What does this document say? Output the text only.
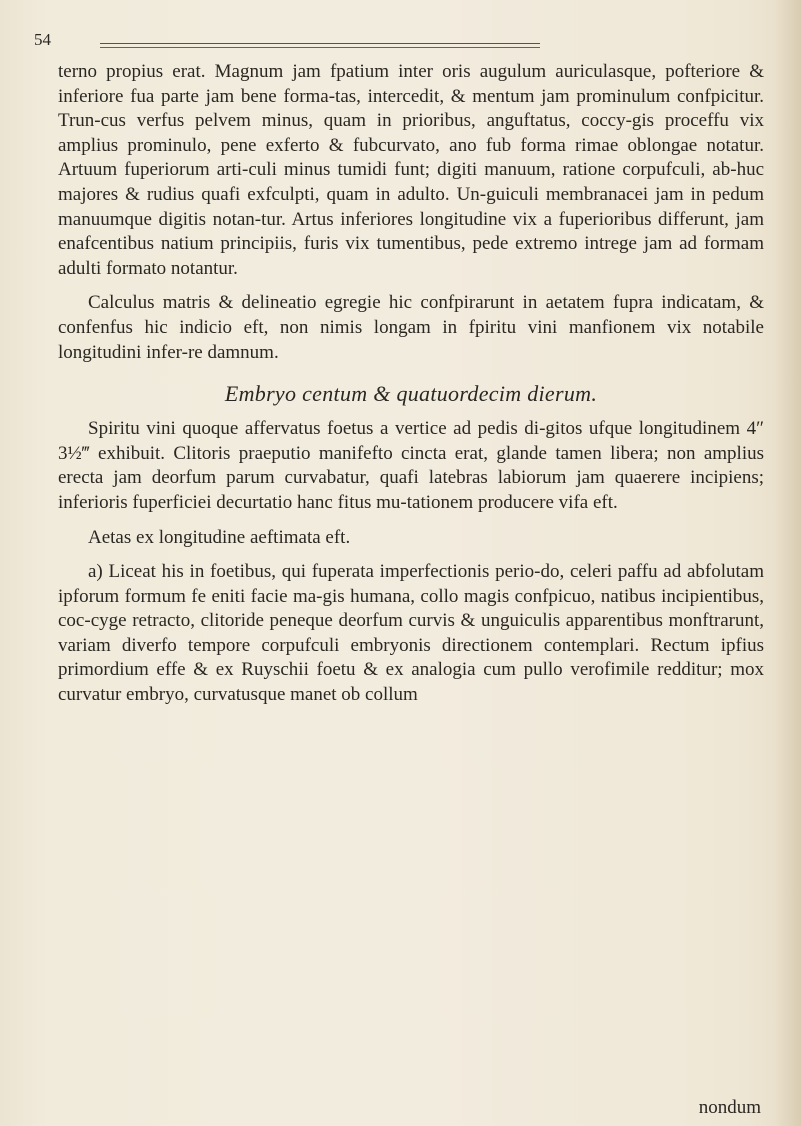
54

terno propius erat. Magnum jam fpatium inter oris augulum auriculasque, pofteriore & inferiore fua parte jam bene forma-tas, intercedit, & mentum jam prominulum confpicitur. Trun-cus verfus pelvem minus, quam in prioribus, anguftatus, coccy-gis proceffu vix amplius prominulo, pene exferto & fubcurvato, ano fub forma rimae oblongae notatur. Artuum fuperiorum arti-culi minus tumidi funt; digiti manuum, ratione corpufculi, ab-huc majores & rudius quafi exfculpti, quam in adulto. Un-guiculi membranacei jam in pedum manuumque digitis notan-tur. Artus inferiores longitudine vix a fuperioribus differunt, jam enafcentibus natium principiis, furis vix tumentibus, pede extremo intrege jam ad formam adulti formato notantur.

Calculus matris & delineatio egregie hic confpirarunt in aetatem fupra indicatam, & confenfus hic indicio eft, non nimis longam in fpiritu vini manfionem vix notabile longitudini infer-re damnum.

Embryo centum & quatuordecim dierum.

Spiritu vini quoque affervatus foetus a vertice ad pedis di-gitos ufque longitudinem 4″ 3½‴ exhibuit. Clitoris praeputio manifefto cincta erat, glande tamen libera; non amplius erecta jam deorfum parum curvabatur, quafi latebras labiorum jam quaerere incipiens; inferioris fuperficiei decurtatio hanc fitus mu-tationem producere vifa eft.

Aetas ex longitudine aeftimata eft.

a) Liceat his in foetibus, qui fuperata imperfectionis perio-do, celeri paffu ad abfolutam ipforum formum fe eniti facie ma-gis humana, collo magis confpicuo, natibus incipientibus, coc-cyge retracto, clitoride peneque deorfum curvis & unguiculis apparentibus monftrarunt, variam diverfo tempore corpufculi embryonis directionem contemplari. Rectum ipfius primordium effe & ex Ruyschii foetu & ex analogia cum pullo verofimile redditur; mox curvatur embryo, curvatusque manet ob collum

nondum
